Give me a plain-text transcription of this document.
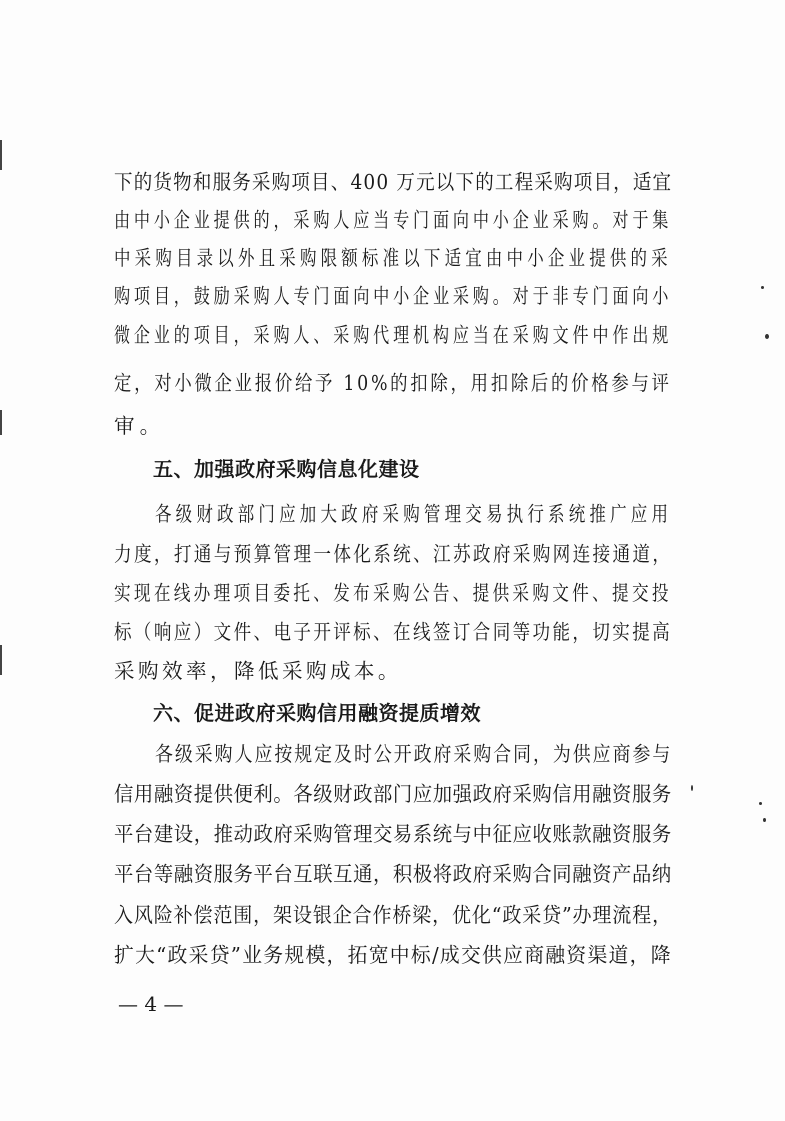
下的货物和服务采购项目、400 万元以下的工程采购项目，适宜
由中小企业提供的，采购人应当专门面向中小企业采购。对于集
中采购目录以外且采购限额标准以下适宜由中小企业提供的采
购项目，鼓励采购人专门面向中小企业采购。对于非专门面向小
微企业的项目，采购人、采购代理机构应当在采购文件中作出规
定，对小微企业报价给予 10%的扣除，用扣除后的价格参与评
审。
五、加强政府采购信息化建设
各级财政部门应加大政府采购管理交易执行系统推广应用
力度，打通与预算管理一体化系统、江苏政府采购网连接通道，
实现在线办理项目委托、发布采购公告、提供采购文件、提交投
标（响应）文件、电子开评标、在线签订合同等功能，切实提高
采购效率，降低采购成本。
六、促进政府采购信用融资提质增效
各级采购人应按规定及时公开政府采购合同，为供应商参与
信用融资提供便利。各级财政部门应加强政府采购信用融资服务
平台建设，推动政府采购管理交易系统与中征应收账款融资服务
平台等融资服务平台互联互通，积极将政府采购合同融资产品纳
入风险补偿范围，架设银企合作桥梁，优化“政采贷”办理流程，
扩大“政采贷”业务规模，拓宽中标/成交供应商融资渠道，降
— 4 —
